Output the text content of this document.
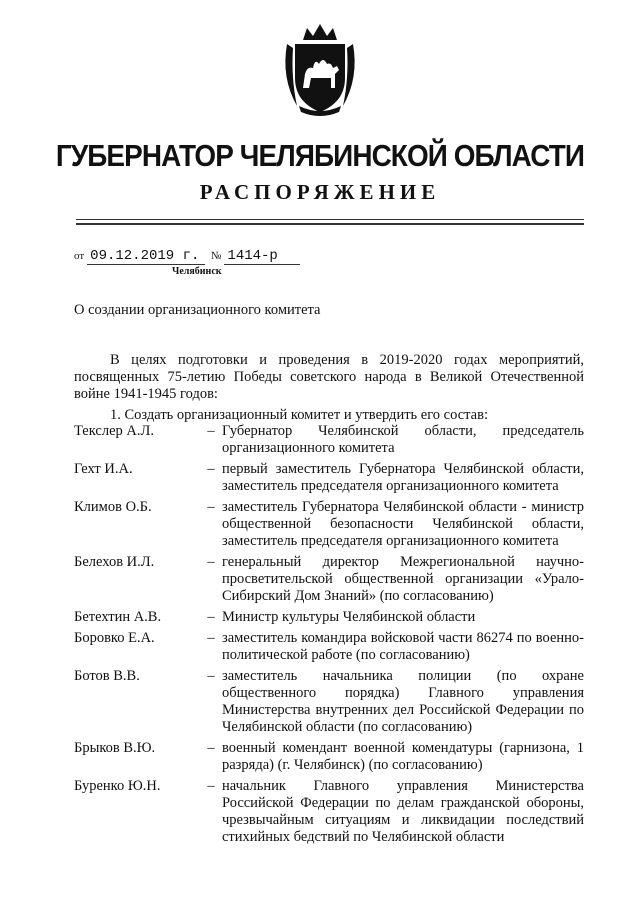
ГУБЕРНАТОР ЧЕЛЯБИНСКОЙ ОБЛАСТИ
РАСПОРЯЖЕНИЕ
от 09.12.2019 г. № 1414-р
Челябинск
О создании организационного комитета
В целях подготовки и проведения в 2019-2020 годах мероприятий, посвященных 75-летию Победы советского народа в Великой Отечественной войне 1941-1945 годов:
1. Создать организационный комитет и утвердить его состав:
Текслер А.Л.	– Губернатор Челябинской области, председатель организационного комитета
Гехт И.А.	– первый заместитель Губернатора Челябинской области, заместитель председателя организационного комитета
Климов О.Б.	– заместитель Губернатора Челябинской области - министр общественной безопасности Челябинской области, заместитель председателя организационного комитета
Белехов И.Л.	– генеральный директор Межрегиональной научно-просветительской общественной организации «Урало-Сибирский Дом Знаний» (по согласованию)
Бетехтин А.В.	– Министр культуры Челябинской области
Боровко Е.А.	– заместитель командира войсковой части 86274 по военно-политической работе (по согласованию)
Ботов В.В.	– заместитель начальника полиции (по охране общественного порядка) Главного управления Министерства внутренних дел Российской Федерации по Челябинской области (по согласованию)
Брыков В.Ю.	– военный комендант военной комендатуры (гарнизона, 1 разряда) (г. Челябинск) (по согласованию)
Буренко Ю.Н.	– начальник Главного управления Министерства Российской Федерации по делам гражданской обороны, чрезвычайным ситуациям и ликвидации последствий стихийных бедствий по Челябинской области
